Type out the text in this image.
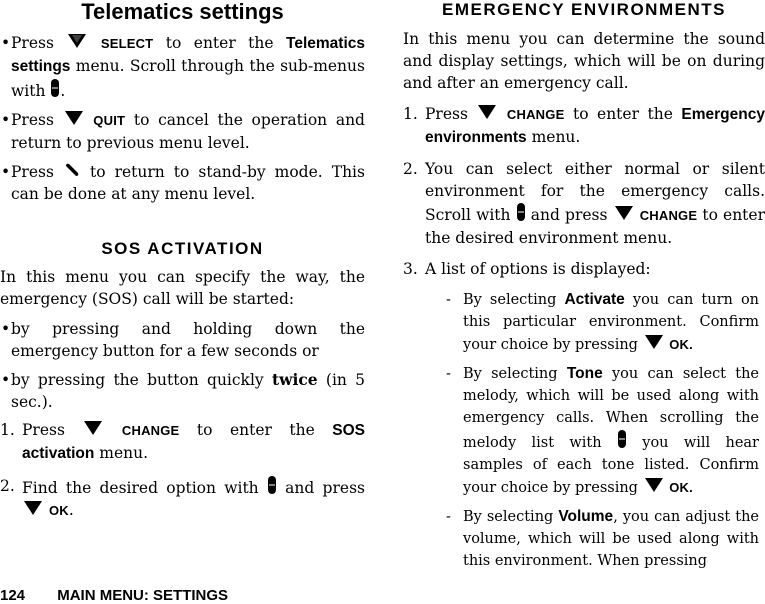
Telematics settings

• Press	SELECT to enter the Telematics settings menu. Scroll through the sub-menus with .

• Press	QUIT to cancel the operation and return to previous menu level.

• Press to return to stand-by mode. This can be done at any menu level.

SOS ACTIVATION

In this menu you can specify the way, the emergency (SOS) call will be started:

• by pressing and holding down the emergency button for a few seconds or

• by pressing the button quickly twice (in 5 sec.).

1. Press	CHANGE to enter the SOS activation menu.

2. Find the desired option with and press  OK.

EMERGENCY ENVIRONMENTS

In this menu you can determine the sound and display settings, which will be on during and after an emergency call.

1. Press	CHANGE to enter the Emergency environments menu.

2. You can select either normal or silent environment for the emergency calls. Scroll with and press CHANGE to enter the desired environment menu.

3. A list of options is displayed:

- By selecting Activate you can turn on this particular environment. Confirm your choice by pressing OK.

- By selecting Tone you can select the melody, which will be used along with emergency calls. When scrolling the melody list with	you will hear samples of each tone listed. Confirm your choice by pressing OK.

- By selecting Volume, you can adjust the volume, which will be used along with this environment. When pressing

124 MAIN MENU: SETTINGS
